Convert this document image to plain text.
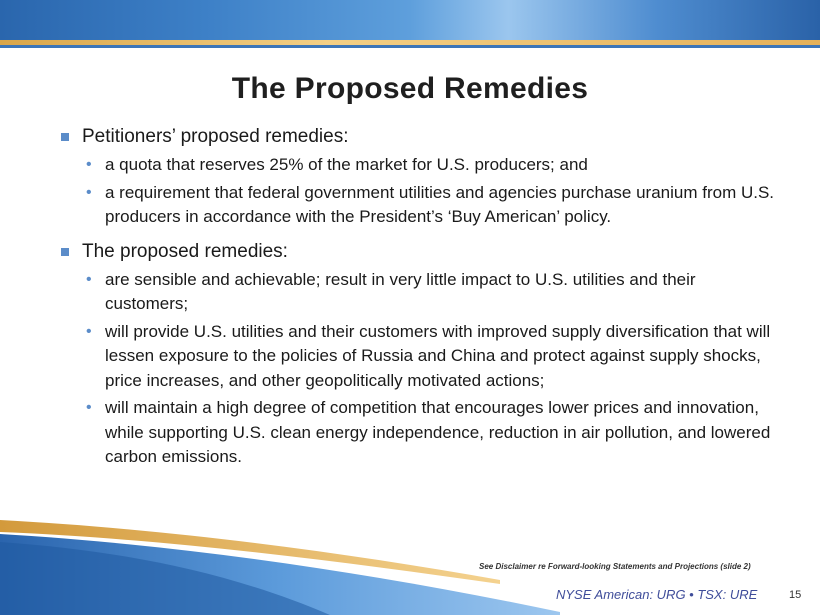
The Proposed Remedies
Petitioners’ proposed remedies:
• a quota that reserves 25% of the market for U.S. producers; and
• a requirement that federal government utilities and agencies purchase uranium from U.S. producers in accordance with the President’s ‘Buy American’ policy.
The proposed remedies:
• are sensible and achievable; result in very little impact to U.S. utilities and their customers;
• will provide U.S. utilities and their customers with improved supply diversification that will lessen exposure to the policies of Russia and China and protect against supply shocks, price increases, and other geopolitically motivated actions;
• will maintain a high degree of competition that encourages lower prices and innovation, while supporting U.S. clean energy independence, reduction in air pollution, and lowered carbon emissions.
See Disclaimer re Forward-looking Statements and Projections (slide 2)
NYSE American: URG • TSX: URE	15
